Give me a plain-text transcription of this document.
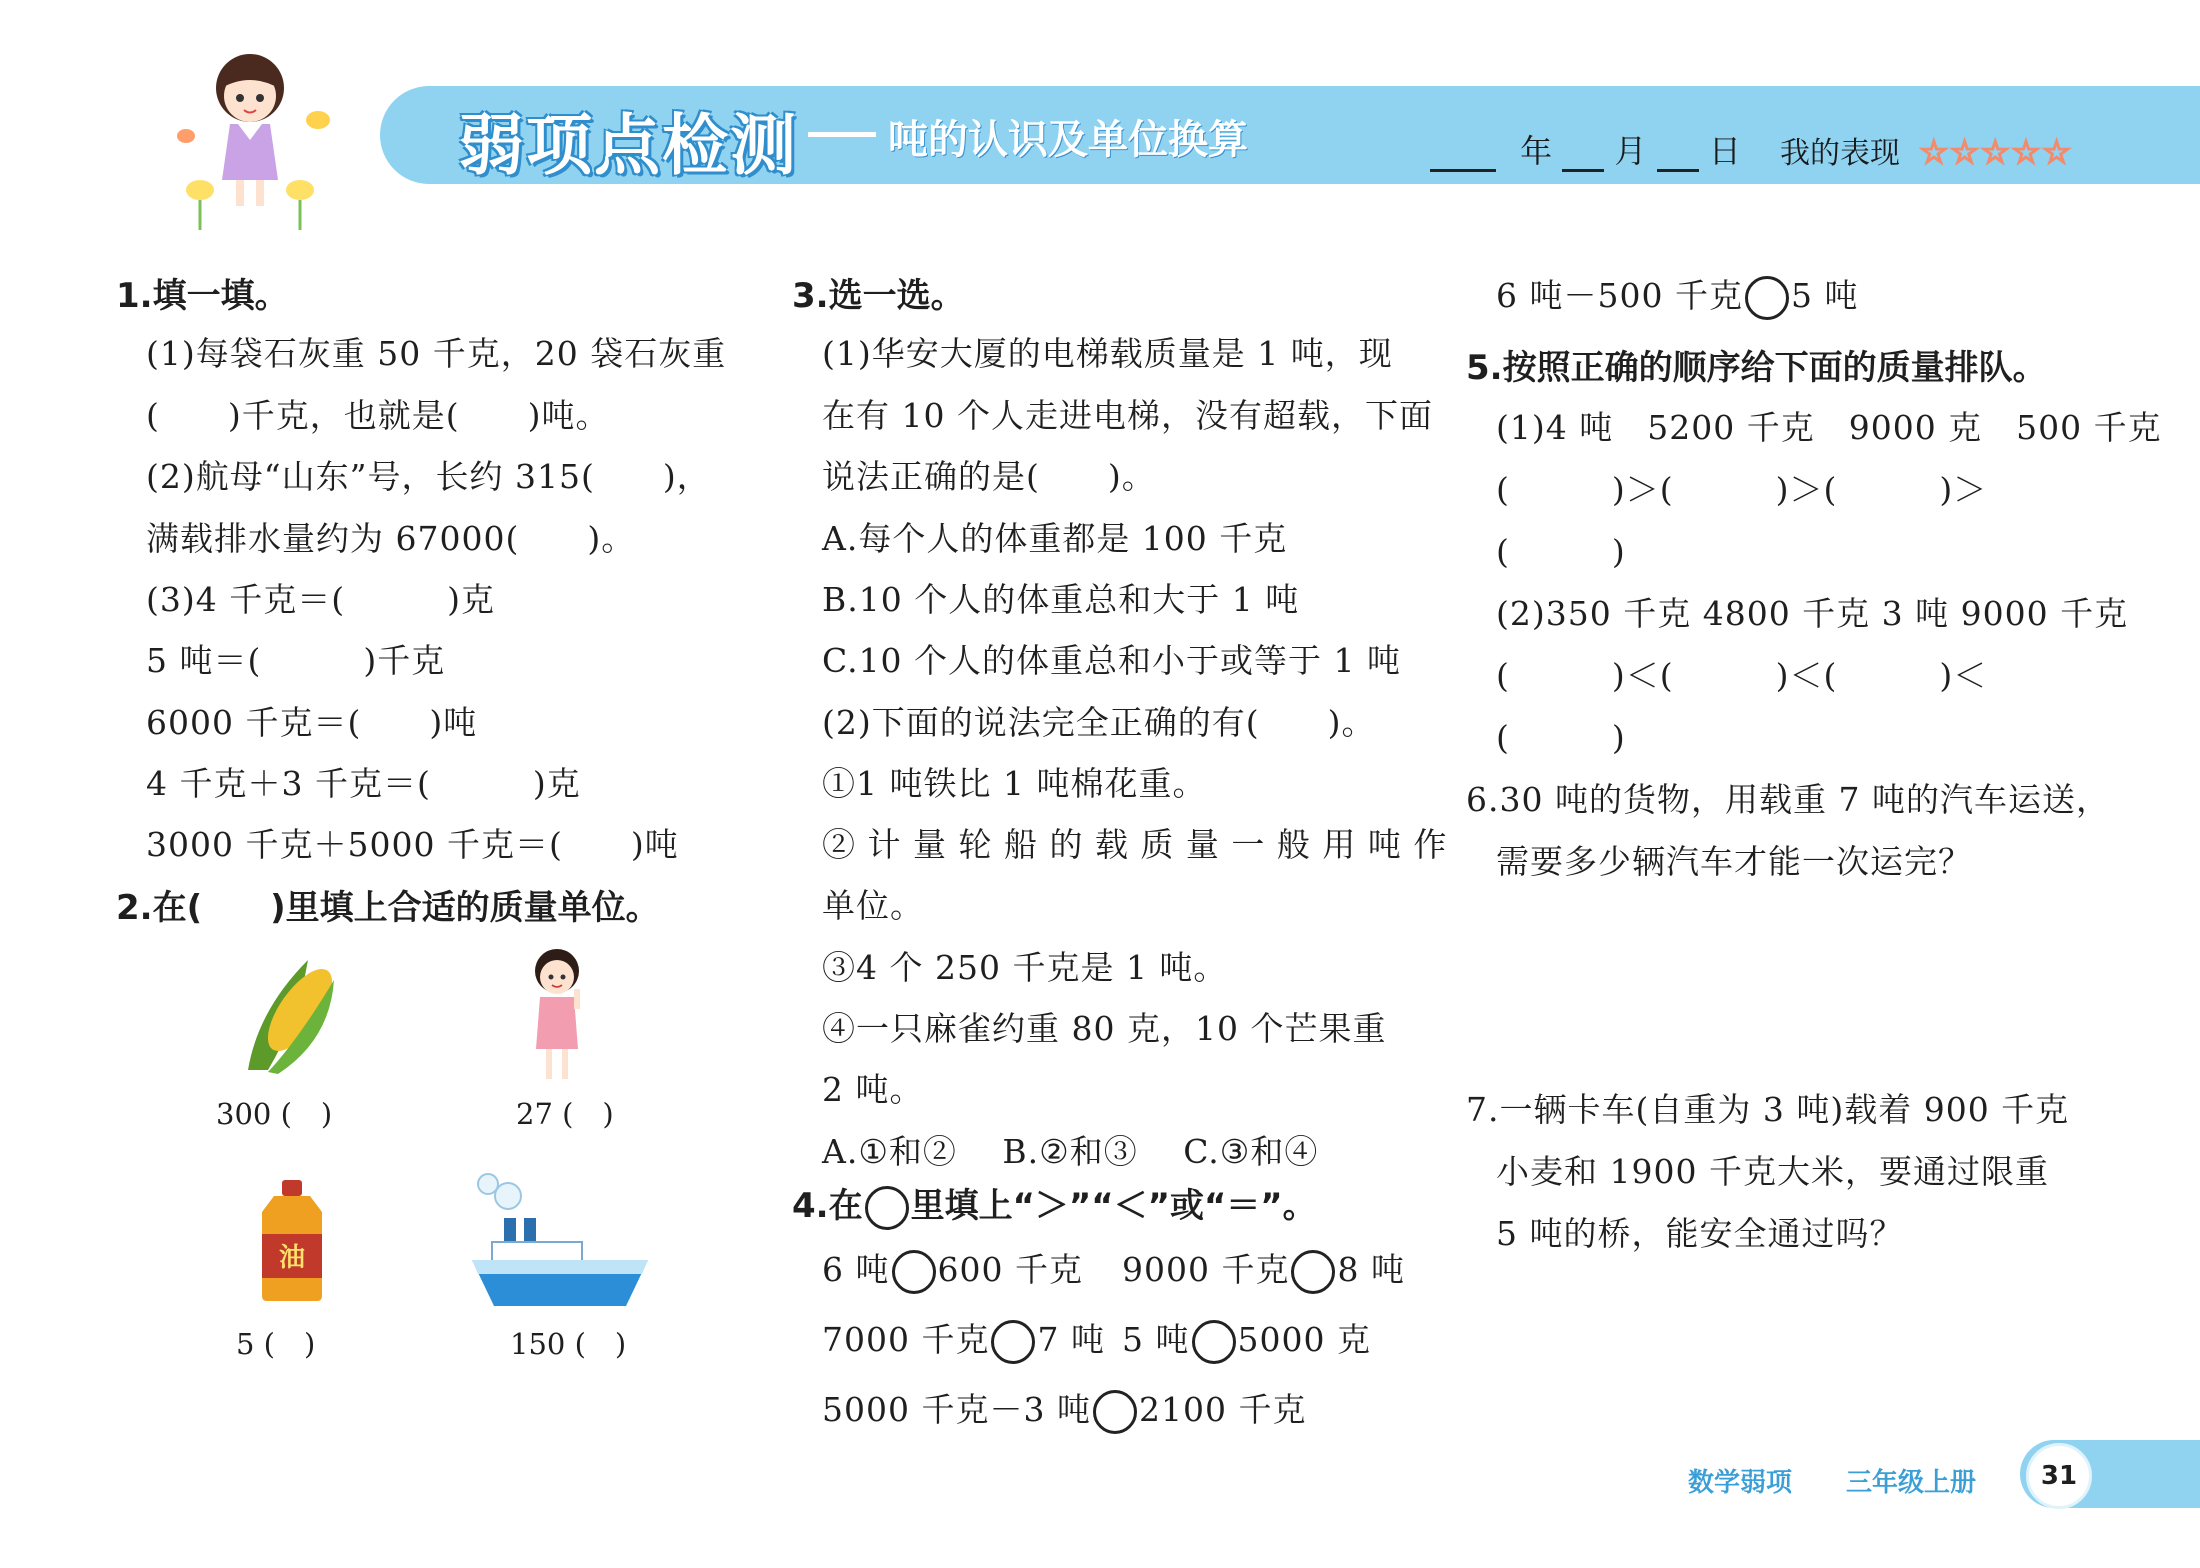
弱项点检测 吨的认识及单位换算	年 月 日 我的表现 ☆☆☆☆☆
1.填一填。
(1)每袋石灰重 50 千克，20 袋石灰重
(　　)千克，也就是(　　)吨。
(2)航母“山东”号，长约 315(　　)，
满载排水量约为 67000(　　)。
(3)4 千克＝(　　　)克
5 吨＝(　　　)千克
6000 千克＝(　　)吨
4 千克＋3 千克＝(　　　)克
3000 千克＋5000 千克＝(　　)吨
2.在(　　)里填上合适的质量单位。
300 (　)	27 (　)
油
5 (　)	150 (　)
3.选一选。
(1)华安大厦的电梯载质量是 1 吨，现
在有 10 个人走进电梯，没有超载，下面
说法正确的是(　　)。
A.每个人的体重都是 100 千克
B.10 个人的体重总和大于 1 吨
C.10 个人的体重总和小于或等于 1 吨
(2)下面的说法完全正确的有(　　)。
①1 吨铁比 1 吨棉花重。
② 计 量 轮 船 的 载 质 量 一 般 用 吨 作
单位。
③4 个 250 千克是 1 吨。
④一只麻雀约重 80 克，10 个芒果重
2 吨。
A.①和②　 B.②和③　 C.③和④
4.在 里填上“＞”“＜”或“＝”。
6 吨 600 千克 9000 千克 8 吨
7000 千克 7 吨 5 吨 5000 克
5000 千克－3 吨 2100 千克
6 吨－500 千克 5 吨
5.按照正确的顺序给下面的质量排队。
(1)4 吨　5200 千克　9000 克　500 千克
(　　　)＞(　　　)＞(　　　)＞
(　　　)
(2)350 千克 4800 千克 3 吨 9000 千克
(　　　)＜(　　　)＜(　　　)＜
(　　　)
6.30 吨的货物，用载重 7 吨的汽车运送，
需要多少辆汽车才能一次运完？
7.一辆卡车(自重为 3 吨)载着 900 千克
小麦和 1900 千克大米，要通过限重
5 吨的桥，能安全通过吗？
数学弱项 三年级上册	31
